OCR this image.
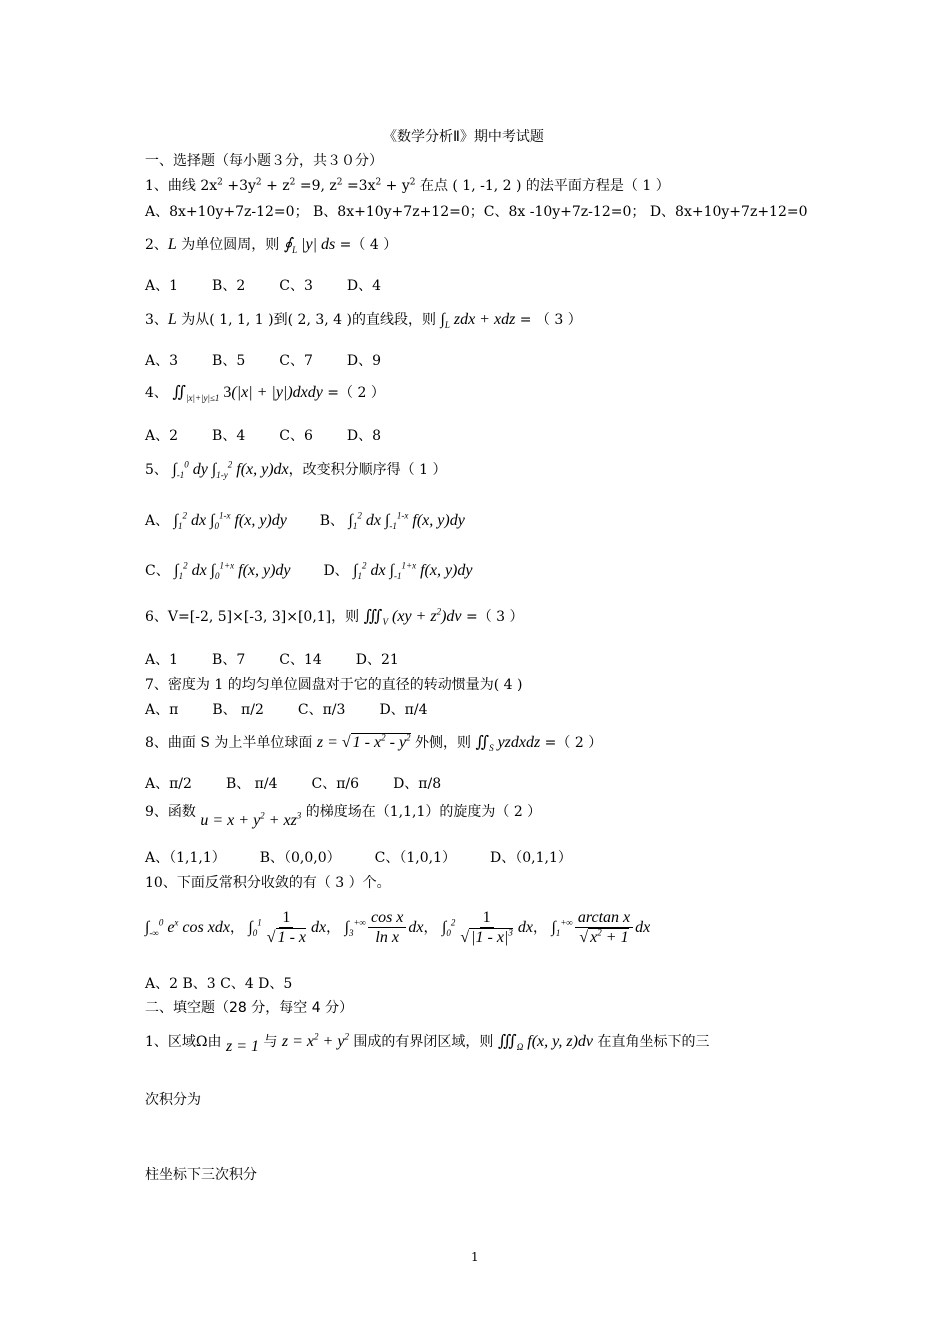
《数学分析Ⅱ》期中考试题
一、选择题（每小题３分，共３０分）
1、曲线 $2x^2 +3y^2 + z^2 =9$, $z^2 =3x^2 + y^2$ 在点 ( 1, -1, 2 ) 的法平面方程是（ 1 ）
A、8x+10y+7z-12=0； B、8x+10y+7z+12=0；C、8x -10y+7z-12=0； D、8x+10y+7z+12=0
2、L 为单位圆周，则 $∮_L$ |y| ds =（ 4 ）
A、1 B、2 C、3 D、4
3、L 为从( 1, 1, 1 )到( 2, 3, 4 )的直线段，则 $\int_L$ zdx + xdz = （ 3 ）
A、3 B、5 C、7 D、9
4、 $∬_{|x|+|y|\le 1}$ 3(|x| + |y|)dxdy =（ 2 ）
A、2 B、4 C、6 D、8
5、 $\int_{-1}^0$ dy $\int_{1-y}^2$ f(x, y)dx，改变积分顺序得（ 1 ）
A、 $\int_1^2$ dx $\int_0^{1-x}$ f(x, y)dy B、 $\int_1^2$ dx $\int_{-1}^{1-x}$ f(x, y)dy
C、 $\int_1^2$ dx $\int_0^{1+x}$ f(x, y)dy D、 $\int_1^2$ dx $\int_{-1}^{1+x}$ f(x, y)dy
6、V=[-2, 5]×[-3, 3]×[0,1]，则 $∭_V$ $(xy + z^2)dv$ =（ 3 ）
A、1 B、7 C、14 D、21
7、密度为 1 的均匀单位圆盘对于它的直径的转动惯量为( 4 )
A、π B、 π/2 C、π/3 D、π/4
8、曲面 S 为上半单位球面 z = √ $1 - x^2 - y^2$ 外侧，则 $∬_S$ yzdxdz =（ 2 ）
A、π/2 B、 π/4 C、π/6 D、π/8
9、函数 $u = x + y^2 + xz^3$ 的梯度场在（1,1,1）的旋度为（ 2 ）
A、（1,1,1） B、（0,0,0） C、（1,0,1） D、（0,1,1）
10、下面反常积分收敛的有（ 3 ）个。
$\int_{-\infty}^0$ $e^x$ cos xdx， $\int_0^1 \frac{1}{√ 1 - x}$ dx， $\int_3^{+\infty} \frac{\text{cos x}}{\text{ln x}}$ dx， $\int_0^2 \frac{1}{√ |1 - x|^3}$ dx， $\int_1^{+\infty} \frac{\text{arctan x}}{√ x^2 + 1}$ dx
A、2 B、3 C、4 D、5
二、填空题（28 分，每空 4 分）
1、区域Ω由 z = 1 与 $z = x^2 + y^2$ 围成的有界闭区域，则 $∭_\Omega$ f(x, y, z)dv 在直角坐标下的三
次积分为
柱坐标下三次积分
1
